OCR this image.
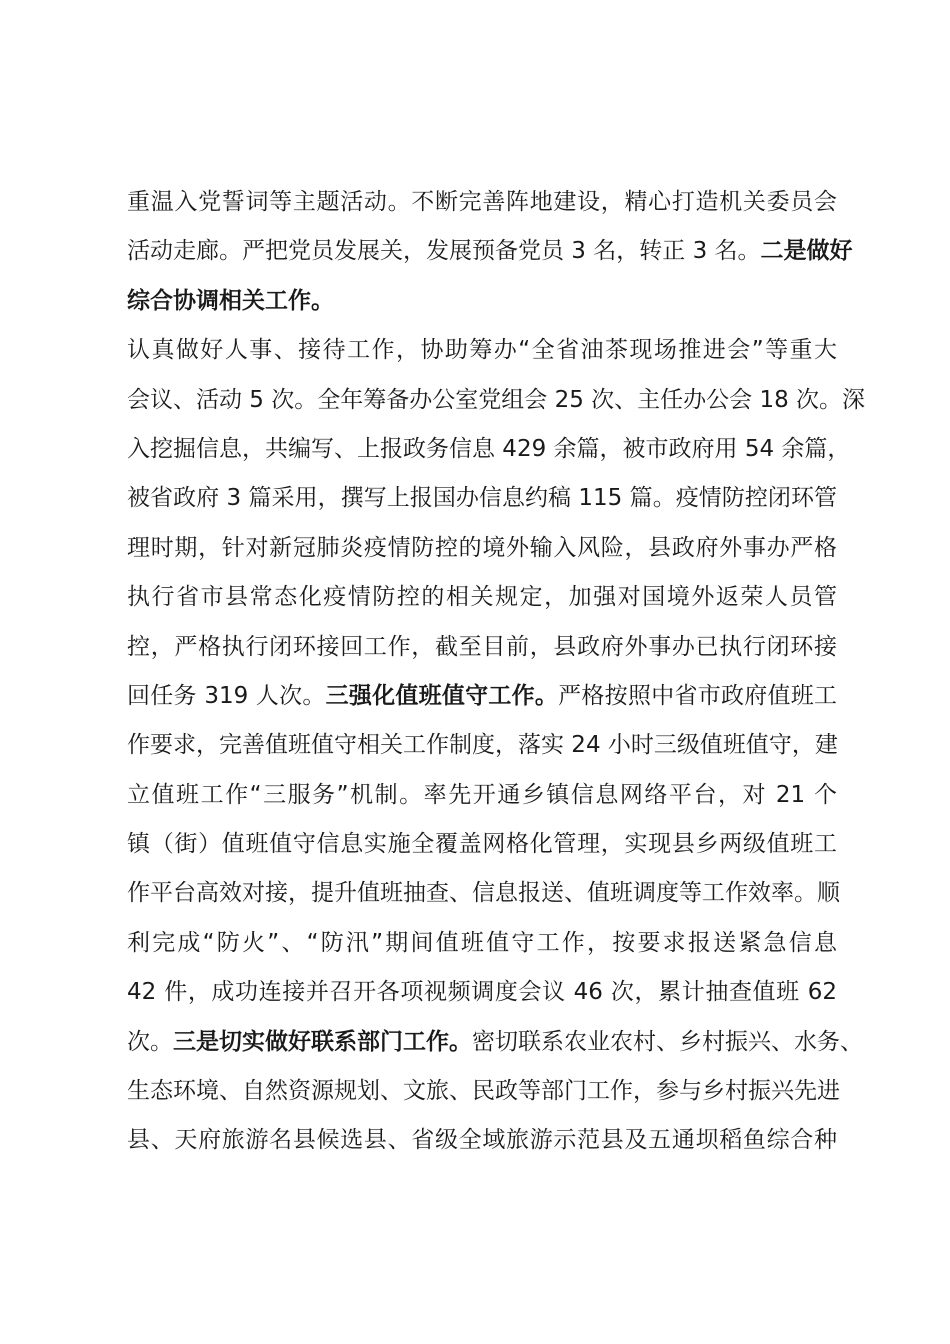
重温入党誓词等主题活动。不断完善阵地建设，精心打造机关委员会
活动走廊。严把党员发展关，发展预备党员 3 名，转正 3 名。二是做好
综合协调相关工作。
认真做好人事、接待工作，协助筹办“全省油茶现场推进会”等重大
会议、活动 5 次。全年筹备办公室党组会 25 次、主任办公会 18 次。深
入挖掘信息，共编写、上报政务信息 429 余篇，被市政府用 54 余篇，
被省政府 3 篇采用，撰写上报国办信息约稿 115 篇。疫情防控闭环管
理时期，针对新冠肺炎疫情防控的境外输入风险，县政府外事办严格
执行省市县常态化疫情防控的相关规定，加强对国境外返荣人员管
控，严格执行闭环接回工作，截至目前，县政府外事办已执行闭环接
回任务 319 人次。三强化值班值守工作。严格按照中省市政府值班工
作要求，完善值班值守相关工作制度，落实 24 小时三级值班值守，建
立值班工作“三服务”机制。率先开通乡镇信息网络平台，对 21 个
镇（街）值班值守信息实施全覆盖网格化管理，实现县乡两级值班工
作平台高效对接，提升值班抽查、信息报送、值班调度等工作效率。顺
利完成“防火”、“防汛”期间值班值守工作，按要求报送紧急信息
42 件，成功连接并召开各项视频调度会议 46 次，累计抽查值班 62
次。三是切实做好联系部门工作。密切联系农业农村、乡村振兴、水务、
生态环境、自然资源规划、文旅、民政等部门工作，参与乡村振兴先进
县、天府旅游名县候选县、省级全域旅游示范县及五通坝稻鱼综合种
